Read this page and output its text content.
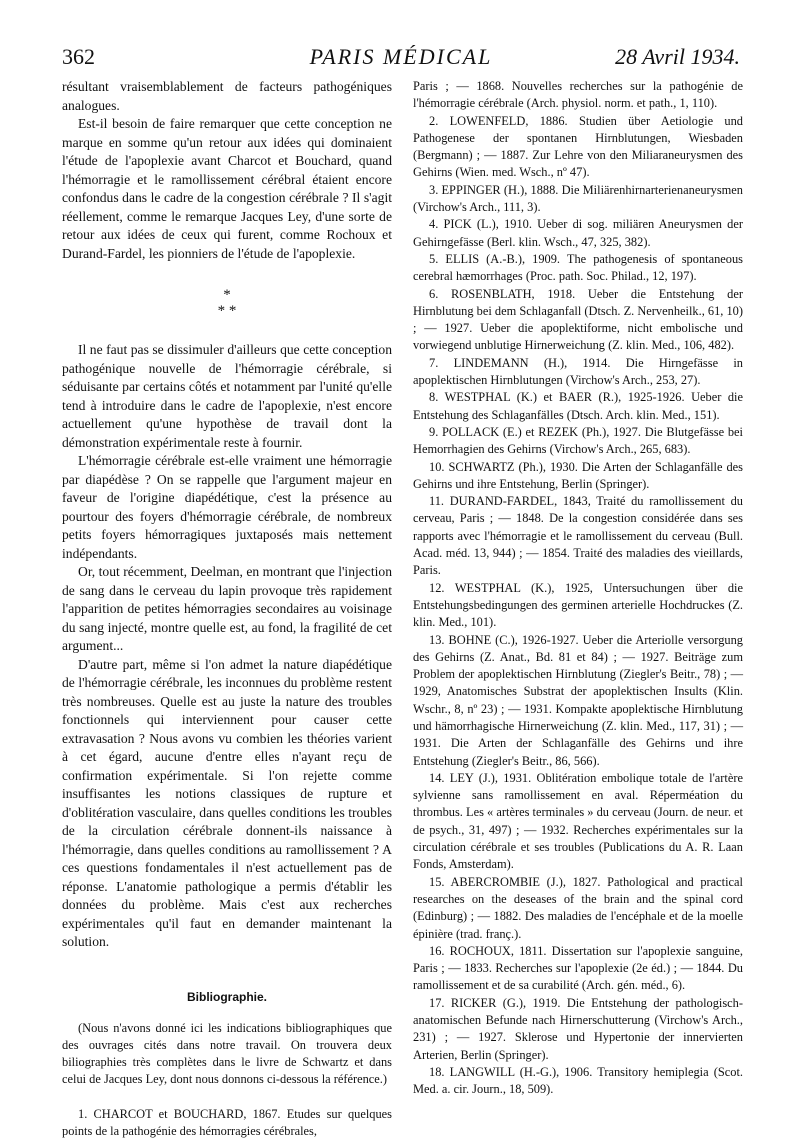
362	PARIS MÉDICAL	28 Avril 1934.

résultant vraisemblablement de facteurs pathogéniques analogues.

Est-il besoin de faire remarquer que cette conception ne marque en somme qu'un retour aux idées qui dominaient l'étude de l'apoplexie avant Charcot et Bouchard, quand l'hémorragie et le ramollissement cérébral étaient encore confondus dans le cadre de la congestion cérébrale ? Il s'agit réellement, comme le remarque Jacques Ley, d'une sorte de retour aux idées de ceux qui furent, comme Rochoux et Durand-Fardel, les pionniers de l'étude de l'apoplexie.

*
* *

Il ne faut pas se dissimuler d'ailleurs que cette conception pathogénique nouvelle de l'hémorragie cérébrale, si séduisante par certains côtés et notamment par l'unité qu'elle tend à introduire dans le cadre de l'apoplexie, n'est encore actuellement qu'une hypothèse de travail dont la démonstration expérimentale reste à fournir.

L'hémorragie cérébrale est-elle vraiment une hémorragie par diapédèse ? On se rappelle que l'argument majeur en faveur de l'origine diapédétique, c'est la présence au pourtour des foyers d'hémorragie cérébrale, de nombreux petits foyers hémorragiques juxtaposés mais nettement indépendants.

Or, tout récemment, Deelman, en montrant que l'injection de sang dans le cerveau du lapin provoque très rapidement l'apparition de petites hémorragies secondaires au voisinage du sang injecté, montre quelle est, au fond, la fragilité de cet argument...

D'autre part, même si l'on admet la nature diapédétique de l'hémorragie cérébrale, les inconnues du problème restent très nombreuses. Quelle est au juste la nature des troubles fonctionnels qui interviennent pour causer cette extravasation ? Nous avons vu combien les théories varient à cet égard, aucune d'entre elles n'ayant reçu de confirmation expérimentale. Si l'on rejette comme insuffisantes les notions classiques de rupture et d'oblitération vasculaire, dans quelles conditions les troubles de la circulation cérébrale donnent-ils naissance à l'hémorragie, dans quelles conditions au ramollissement ? A ces questions fondamentales il n'est actuellement pas de réponse. L'anatomie pathologique a permis d'établir les données du problème. Mais c'est aux recherches expérimentales qu'il faut en demander maintenant la solution.

Bibliographie.

(Nous n'avons donné ici les indications bibliographiques que des ouvrages cités dans notre travail. On trouvera deux biliographies très complètes dans le livre de Schwartz et dans celui de Jacques Ley, dont nous donnons ci-dessous la référence.)

1. CHARCOT et BOUCHARD, 1867. Etudes sur quelques points de la pathogénie des hémorragies cérébrales,

Paris ; — 1868. Nouvelles recherches sur la pathogénie de l'hémorragie cérébrale (Arch. physiol. norm. et path., 1, 110).

2. LOWENFELD, 1886. Studien über Aetiologie und Pathogenese der spontanen Hirnblutungen, Wiesbaden (Bergmann) ; — 1887. Zur Lehre von den Miliaraneurysmen des Gehirns (Wien. med. Wsch., nº 47).

3. EPPINGER (H.), 1888. Die Miliärenhirnarterienaneurysmen (Virchow's Arch., 111, 3).

4. PICK (L.), 1910. Ueber di sog. miliären Aneurysmen der Gehirngefässe (Berl. klin. Wsch., 47, 325, 382).

5. ELLIS (A.-B.), 1909. The pathogenesis of spontaneous cerebral hæmorrhages (Proc. path. Soc. Philad., 12, 197).

6. ROSENBLATH, 1918. Ueber die Entstehung der Hirnblutung bei dem Schlaganfall (Dtsch. Z. Nervenheilk., 61, 10) ; — 1927. Ueber die apoplektiforme, nicht embolische und vorwiegend unblutige Hirnerweichung (Z. klin. Med., 106, 482).

7. LINDEMANN (H.), 1914. Die Hirngefässe in apoplektischen Hirnblutungen (Virchow's Arch., 253, 27).

8. WESTPHAL (K.) et BAER (R.), 1925-1926. Ueber die Entstehung des Schlaganfälles (Dtsch. Arch. klin. Med., 151).

9. POLLACK (E.) et REZEK (Ph.), 1927. Die Blutgefässe bei Hemorrhagien des Gehirns (Virchow's Arch., 265, 683).

10. SCHWARTZ (Ph.), 1930. Die Arten der Schlaganfälle des Gehirns und ihre Entstehung, Berlin (Springer).

11. DURAND-FARDEL, 1843, Traité du ramollissement du cerveau, Paris ; — 1848. De la congestion considérée dans ses rapports avec l'hémorragie et le ramollissement du cerveau (Bull. Acad. méd. 13, 944) ; — 1854. Traité des maladies des vieillards, Paris.

12. WESTPHAL (K.), 1925, Untersuchungen über die Entstehungsbedingungen des germinen arterielle Hochdruckes (Z. klin. Med., 101).

13. BOHNE (C.), 1926-1927. Ueber die Arteriolle versorgung des Gehirns (Z. Anat., Bd. 81 et 84) ; — 1927. Beiträge zum Problem der apoplektischen Hirnblutung (Ziegler's Beitr., 78) ; — 1929, Anatomisches Substrat der apoplektischen Insults (Klin. Wschr., 8, nº 23) ; — 1931. Kompakte apoplektische Hirnblutung und hämorrhagische Hirnerweichung (Z. klin. Med., 117, 31) ; — 1931. Die Arten der Schlaganfälle des Gehirns und ihre Entstehung (Ziegler's Beitr., 86, 566).

14. LEY (J.), 1931. Oblitération embolique totale de l'artère sylvienne sans ramollissement en aval. Réperméation du thrombus. Les « artères terminales » du cerveau (Journ. de neur. et de psych., 31, 497) ; — 1932. Recherches expérimentales sur la circulation cérébrale et ses troubles (Publications du A. R. Laan Fonds, Amsterdam).

15. ABERCROMBIE (J.), 1827. Pathological and practical researches on the deseases of the brain and the spinal cord (Edinburg) ; — 1882. Des maladies de l'encéphale et de la moelle épinière (trad. franç.).

16. ROCHOUX, 1811. Dissertation sur l'apoplexie sanguine, Paris ; — 1833. Recherches sur l'apoplexie (2e éd.) ; — 1844. Du ramollissement et de sa curabilité (Arch. gén. méd., 6).

17. RICKER (G.), 1919. Die Entstehung der pathologisch-anatomischen Befunde nach Hirnerschutterung (Virchow's Arch., 231) ; — 1927. Sklerose und Hypertonie der innervierten Arterien, Berlin (Springer).

18. LANGWILL (H.-G.), 1906. Transitory hemiplegia (Scot. Med. a. cir. Journ., 18, 509).
